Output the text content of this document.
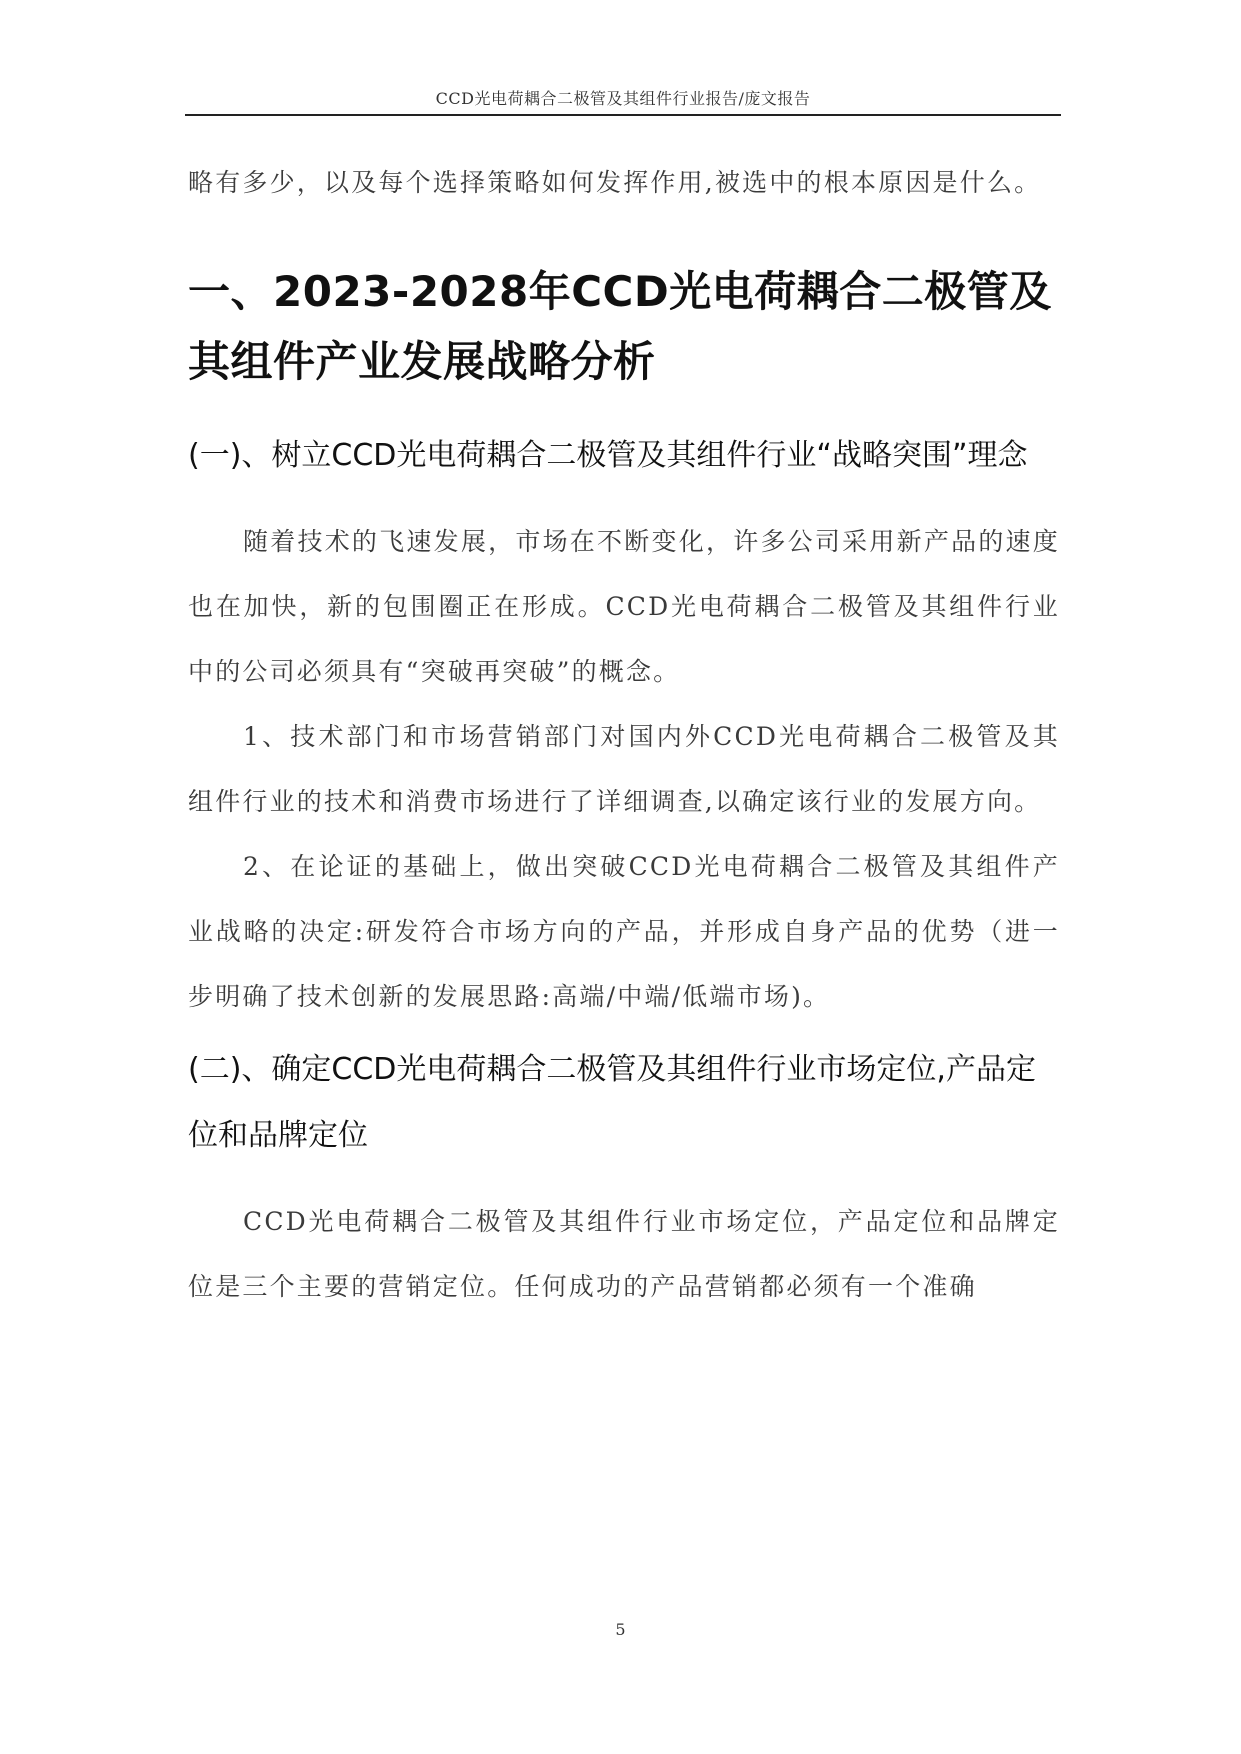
CCD光电荷耦合二极管及其组件行业报告/庞文报告

略有多少，以及每个选择策略如何发挥作用,被选中的根本原因是什么。

一、2023-2028年CCD光电荷耦合二极管及其组件产业发展战略分析
(一)、树立CCD光电荷耦合二极管及其组件行业“战略突围”理念

随着技术的飞速发展，市场在不断变化，许多公司采用新产品的速度也在加快，新的包围圈正在形成。CCD光电荷耦合二极管及其组件行业中的公司必须具有“突破再突破”的概念。

1、技术部门和市场营销部门对国内外CCD光电荷耦合二极管及其组件行业的技术和消费市场进行了详细调查,以确定该行业的发展方向。

2、在论证的基础上，做出突破CCD光电荷耦合二极管及其组件产业战略的决定:研发符合市场方向的产品，并形成自身产品的优势（进一步明确了技术创新的发展思路:高端/中端/低端市场)。

(二)、确定CCD光电荷耦合二极管及其组件行业市场定位,产品定位和品牌定位

CCD光电荷耦合二极管及其组件行业市场定位，产品定位和品牌定位是三个主要的营销定位。任何成功的产品营销都必须有一个准确

5
